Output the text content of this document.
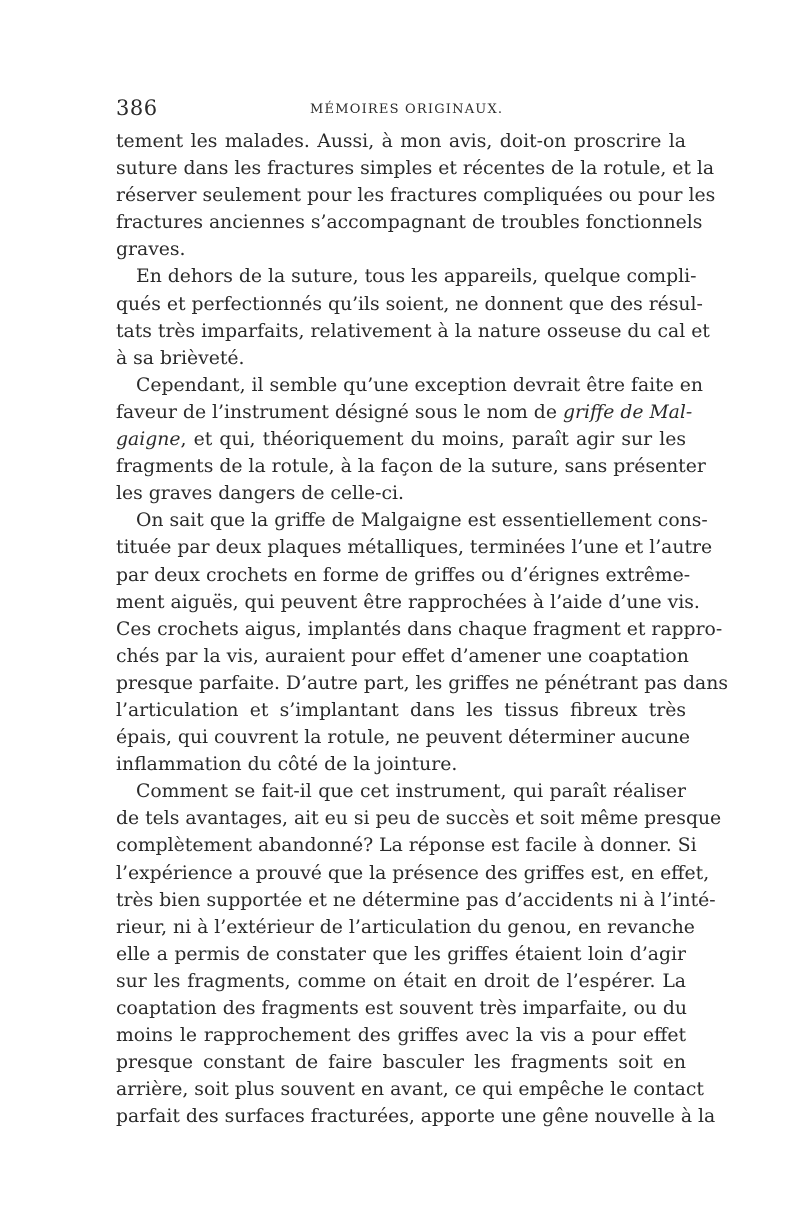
386	MÉMOIRES ORIGINAUX.
tement les malades. Aussi, à mon avis, doit-on proscrire la
suture dans les fractures simples et récentes de la rotule, et la
réserver seulement pour les fractures compliquées ou pour les
fractures anciennes s’accompagnant de troubles fonctionnels
graves.
En dehors de la suture, tous les appareils, quelque compli-
qués et perfectionnés qu’ils soient, ne donnent que des résul-
tats très imparfaits, relativement à la nature osseuse du cal et
à sa brièveté.
Cependant, il semble qu’une exception devrait être faite en
faveur de l’instrument désigné sous le nom de griffe de Mal-
gaigne, et qui, théoriquement du moins, paraît agir sur les
fragments de la rotule, à la façon de la suture, sans présenter
les graves dangers de celle-ci.
On sait que la griffe de Malgaigne est essentiellement cons-
tituée par deux plaques métalliques, terminées l’une et l’autre
par deux crochets en forme de griffes ou d’érignes extrême-
ment aiguës, qui peuvent être rapprochées à l’aide d’une vis.
Ces crochets aigus, implantés dans chaque fragment et rappro-
chés par la vis, auraient pour effet d’amener une coaptation
presque parfaite. D’autre part, les griffes ne pénétrant pas dans
l’articulation et s’implantant dans les tissus fibreux très
épais, qui couvrent la rotule, ne peuvent déterminer aucune
inflammation du côté de la jointure.
Comment se fait-il que cet instrument, qui paraît réaliser
de tels avantages, ait eu si peu de succès et soit même presque
complètement abandonné? La réponse est facile à donner. Si
l’expérience a prouvé que la présence des griffes est, en effet,
très bien supportée et ne détermine pas d’accidents ni à l’inté-
rieur, ni à l’extérieur de l’articulation du genou, en revanche
elle a permis de constater que les griffes étaient loin d’agir
sur les fragments, comme on était en droit de l’espérer. La
coaptation des fragments est souvent très imparfaite, ou du
moins le rapprochement des griffes avec la vis a pour effet
presque constant de faire basculer les fragments soit en
arrière, soit plus souvent en avant, ce qui empêche le contact
parfait des surfaces fracturées, apporte une gêne nouvelle à la
